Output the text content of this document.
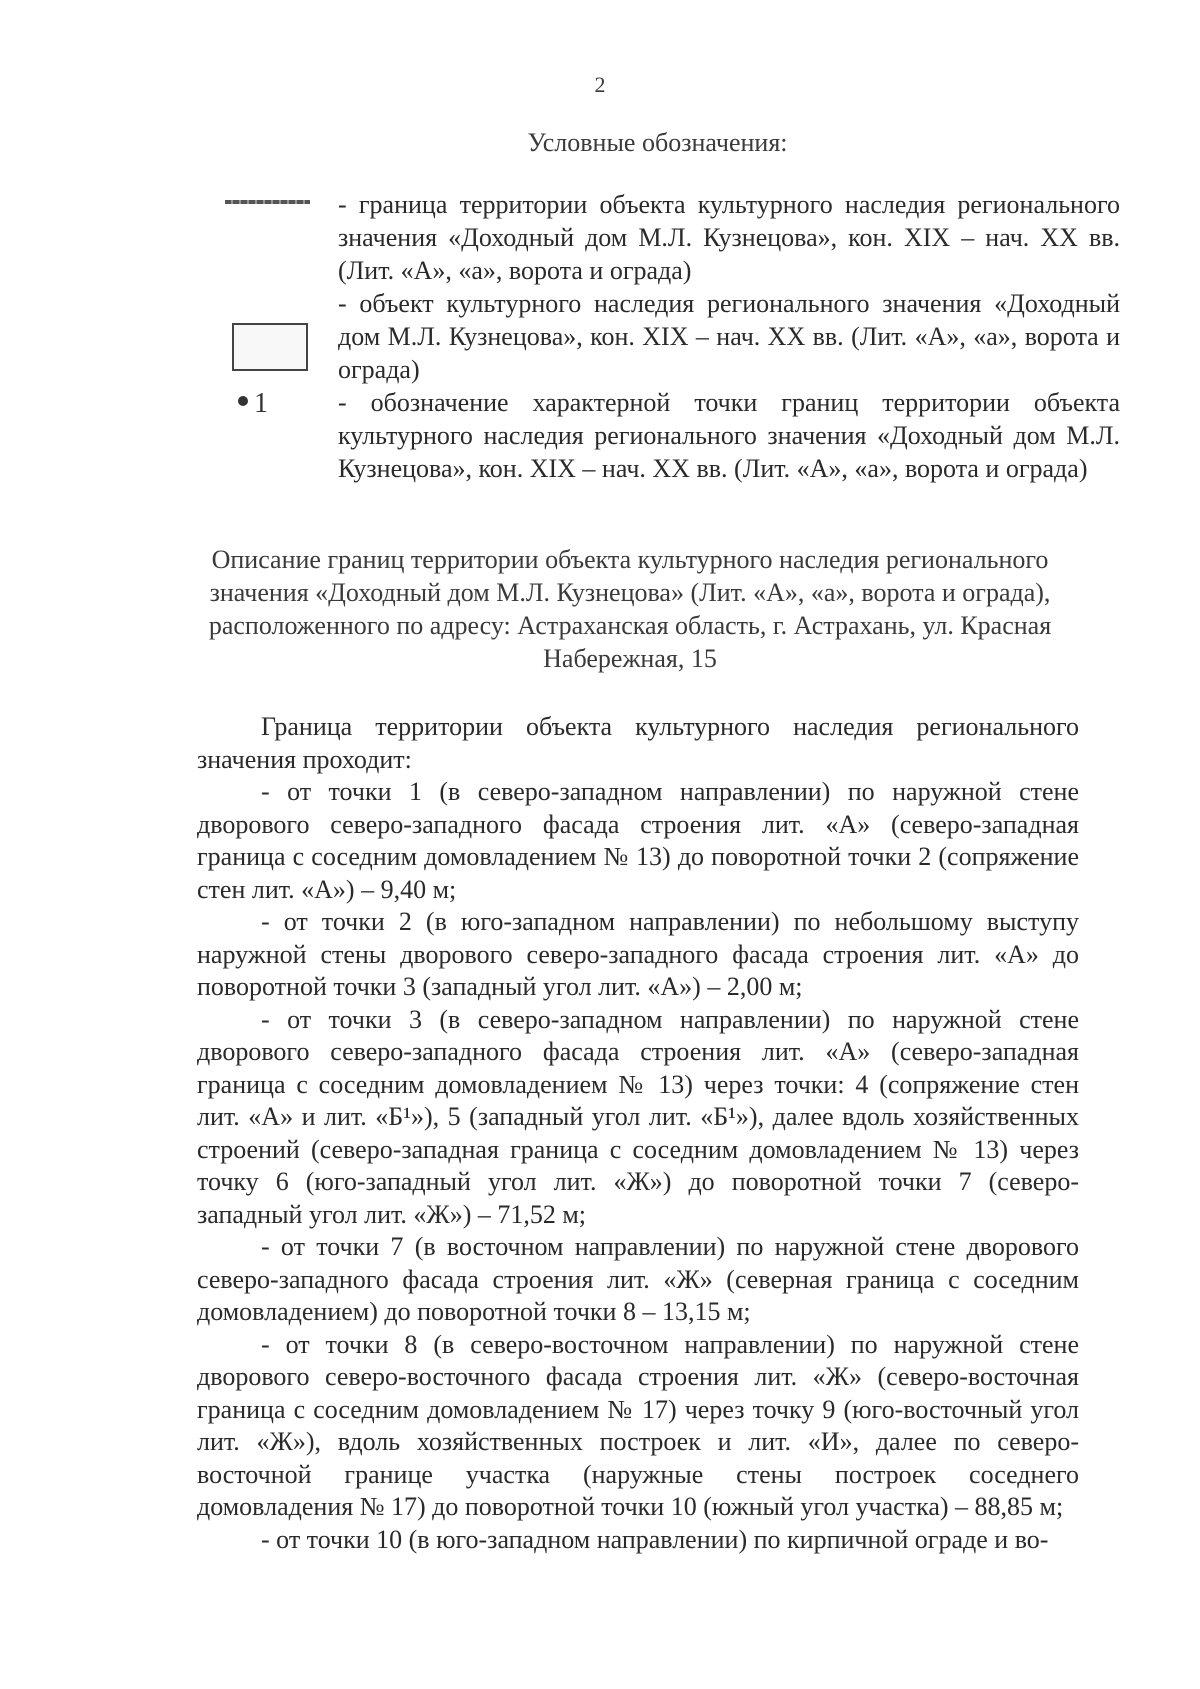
2
Условные обозначения:
- граница территории объекта культурного наследия регионального значения «Доходный дом М.Л. Кузнецова», кон. XIX – нач. XX вв. (Лит. «А», «а», ворота и ограда)
- объект культурного наследия регионального значения «Доходный дом М.Л. Кузнецова», кон. XIX – нач. XX вв. (Лит. «А», «а», ворота и ограда)
1	- обозначение характерной точки границ территории объекта культурного наследия регионального значения «Доходный дом М.Л. Кузнецова», кон. XIX – нач. XX вв. (Лит. «А», «а», ворота и ограда)
Описание границ территории объекта культурного наследия регионального значения «Доходный дом М.Л. Кузнецова» (Лит. «А», «а», ворота и ограда), расположенного по адресу: Астраханская область, г. Астрахань, ул. Красная Набережная, 15

Граница территории объекта культурного наследия регионального значения проходит:

- от точки 1 (в северо-западном направлении) по наружной стене дворового северо-западного фасада строения лит. «А» (северо-западная граница с соседним домовладением № 13) до поворотной точки 2 (сопряжение стен лит. «А») – 9,40 м;

- от точки 2 (в юго-западном направлении) по небольшому выступу наружной стены дворового северо-западного фасада строения лит. «А» до поворотной точки 3 (западный угол лит. «А») – 2,00 м;

- от точки 3 (в северо-западном направлении) по наружной стене дворового северо-западного фасада строения лит. «А» (северо-западная граница с соседним домовладением № 13) через точки: 4 (сопряжение стен лит. «А» и лит. «Б¹»), 5 (западный угол лит. «Б¹»), далее вдоль хозяйственных строений (северо-западная граница с соседним домовладением № 13) через точку 6 (юго-западный угол лит. «Ж») до поворотной точки 7 (северо-западный угол лит. «Ж») – 71,52 м;

- от точки 7 (в восточном направлении) по наружной стене дворового северо-западного фасада строения лит. «Ж» (северная граница с соседним домовладением) до поворотной точки 8 – 13,15 м;

- от точки 8 (в северо-восточном направлении) по наружной стене дворового северо-восточного фасада строения лит. «Ж» (северо-восточная граница с соседним домовладением № 17) через точку 9 (юго-восточный угол лит. «Ж»), вдоль хозяйственных построек и лит. «И», далее по северо-восточной границе участка (наружные стены построек соседнего домовладения № 17) до поворотной точки 10 (южный угол участка) – 88,85 м;

- от точки 10 (в юго-западном направлении) по кирпичной ограде и во-
